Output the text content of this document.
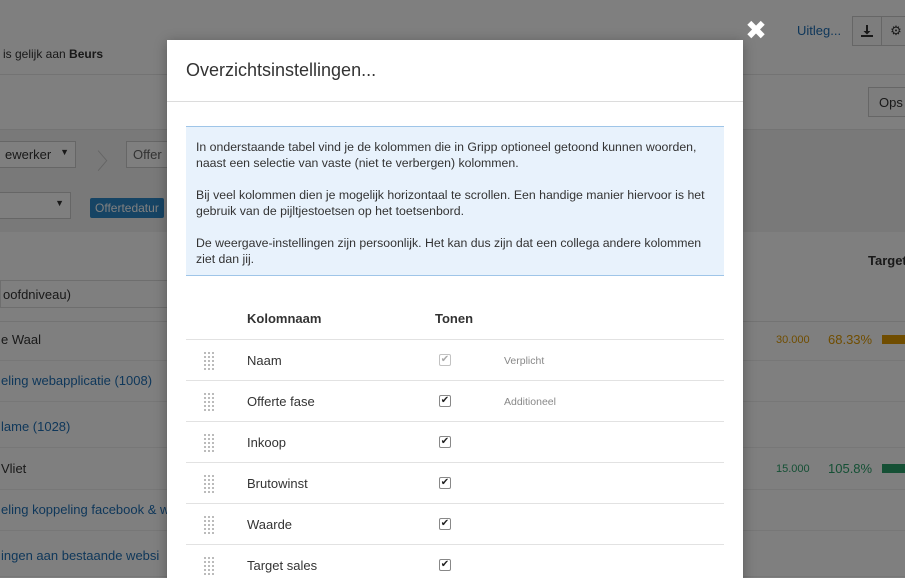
✖
Overzichtsinstellingen...

In onderstaande tabel vind je de kolommen die in Gripp optioneel getoond kunnen woorden, naast een selectie van vaste (niet te verbergen) kolommen.

Bij veel kolommen dien je mogelijk horizontaal te scrollen. Een handige manier hiervoor is het gebruik van de pijltjestoetsen op het toetsenbord.

De weergave-instellingen zijn persoonlijk. Het kan dus zijn dat een collega andere kolommen ziet dan jij.

Kolomnaam	Tonen
Naam	✔	Verplicht
Offerte fase	✔	Additioneel
Inkoop	✔
Brutowinst	✔
Waarde	✔
Target sales	✔
